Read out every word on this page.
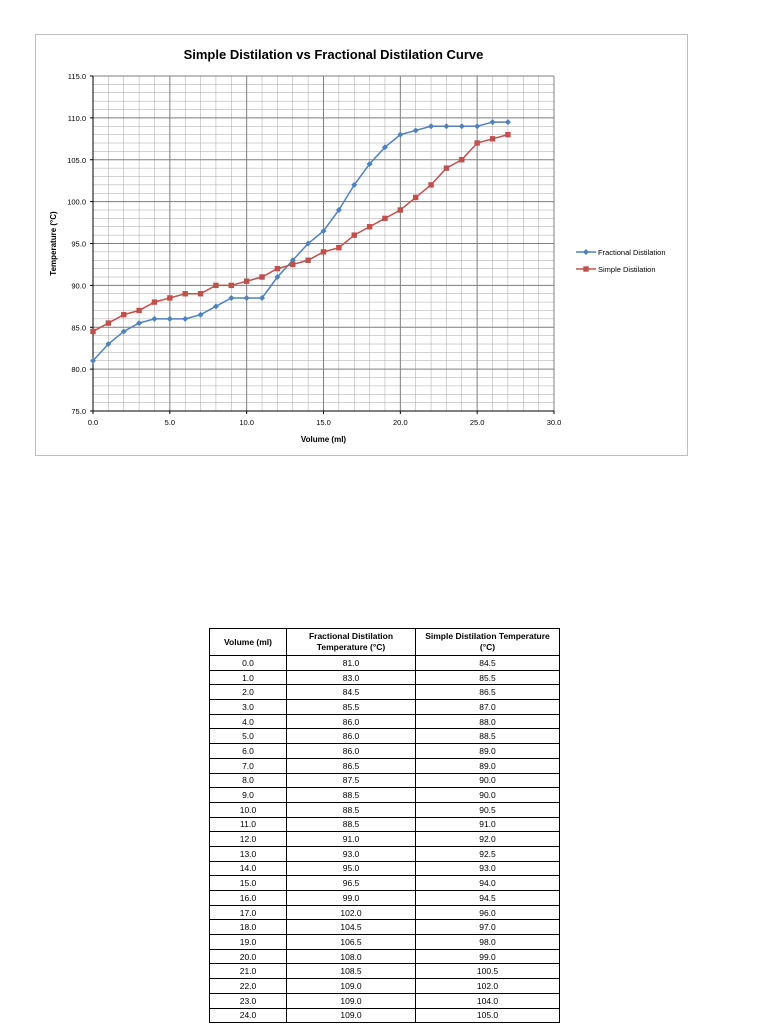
Simple Distilation vs Fractional Distilation Curve
0.0	5.0	10.0	15.0	20.0	25.0	30.0
75.0
80.0
85.0
90.0
95.0
100.0
105.0
110.0
115.0
Volume (ml)
Temperature (°C)	Fractional Distilation
Simple Distilation
Volume (ml)	Fractional Distilation Temperature (°C)	Simple Distilation Temperature (°C)
0.0	81.0	84.5
1.0	83.0	85.5
2.0	84.5	86.5
3.0	85.5	87.0
4.0	86.0	88.0
5.0	86.0	88.5
6.0	86.0	89.0
7.0	86.5	89.0
8.0	87.5	90.0
9.0	88.5	90.0
10.0	88.5	90.5
11.0	88.5	91.0
12.0	91.0	92.0
13.0	93.0	92.5
14.0	95.0	93.0
15.0	96.5	94.0
16.0	99.0	94.5
17.0	102.0	96.0
18.0	104.5	97.0
19.0	106.5	98.0
20.0	108.0	99.0
21.0	108.5	100.5
22.0	109.0	102.0
23.0	109.0	104.0
24.0	109.0	105.0
